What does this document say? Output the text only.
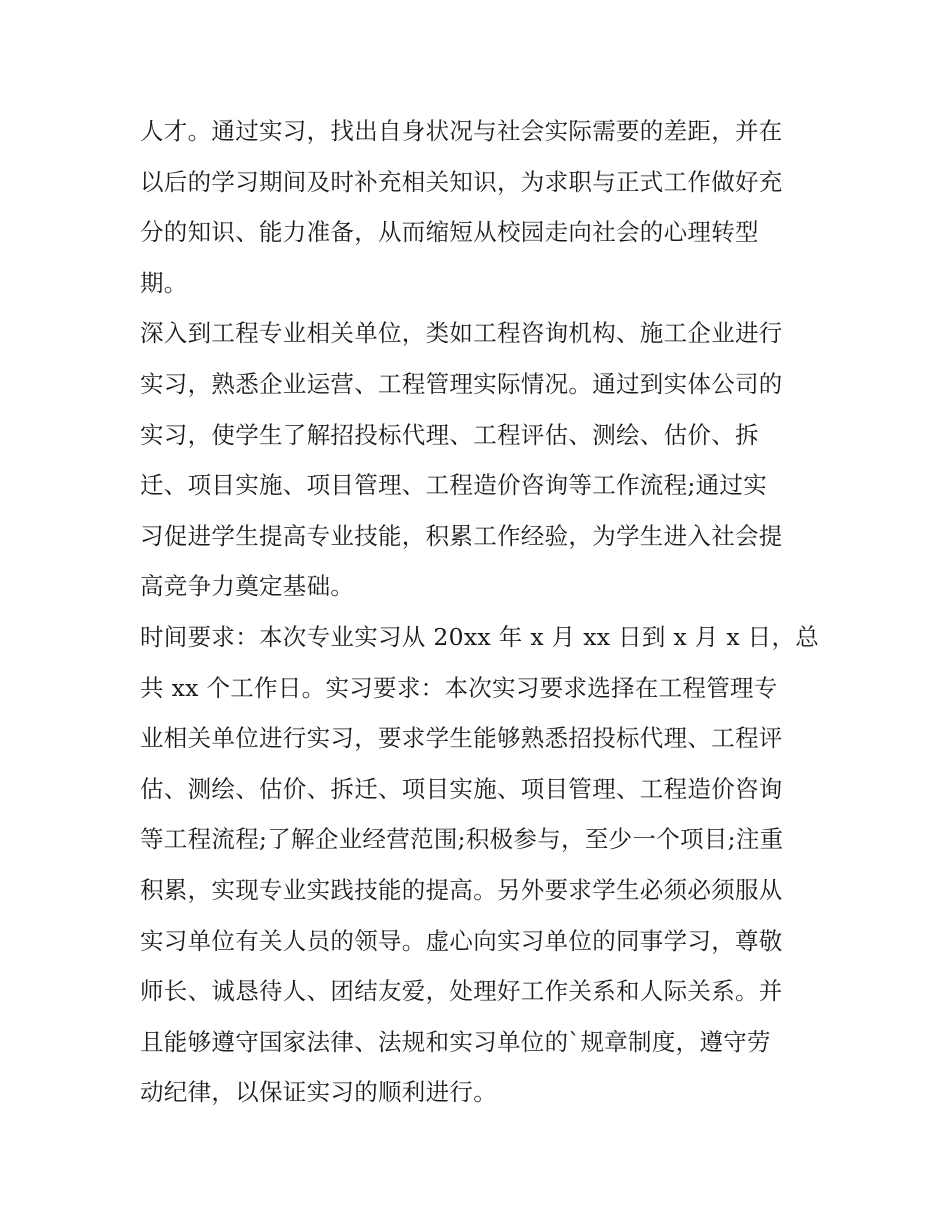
人才。通过实习，找出自身状况与社会实际需要的差距，并在
以后的学习期间及时补充相关知识，为求职与正式工作做好充
分的知识、能力准备，从而缩短从校园走向社会的心理转型
期。
深入到工程专业相关单位，类如工程咨询机构、施工企业进行
实习，熟悉企业运营、工程管理实际情况。通过到实体公司的
实习，使学生了解招投标代理、工程评估、测绘、估价、拆
迁、项目实施、项目管理、工程造价咨询等工作流程;通过实
习促进学生提高专业技能，积累工作经验，为学生进入社会提
高竞争力奠定基础。
时间要求：本次专业实习从 20xx 年 x 月 xx 日到 x 月 x 日，总
共 xx 个工作日。实习要求：本次实习要求选择在工程管理专
业相关单位进行实习，要求学生能够熟悉招投标代理、工程评
估、测绘、估价、拆迁、项目实施、项目管理、工程造价咨询
等工程流程;了解企业经营范围;积极参与，至少一个项目;注重
积累，实现专业实践技能的提高。另外要求学生必须必须服从
实习单位有关人员的领导。虚心向实习单位的同事学习，尊敬
师长、诚恳待人、团结友爱，处理好工作关系和人际关系。并
且能够遵守国家法律、法规和实习单位的`规章制度，遵守劳
动纪律，以保证实习的顺利进行。
